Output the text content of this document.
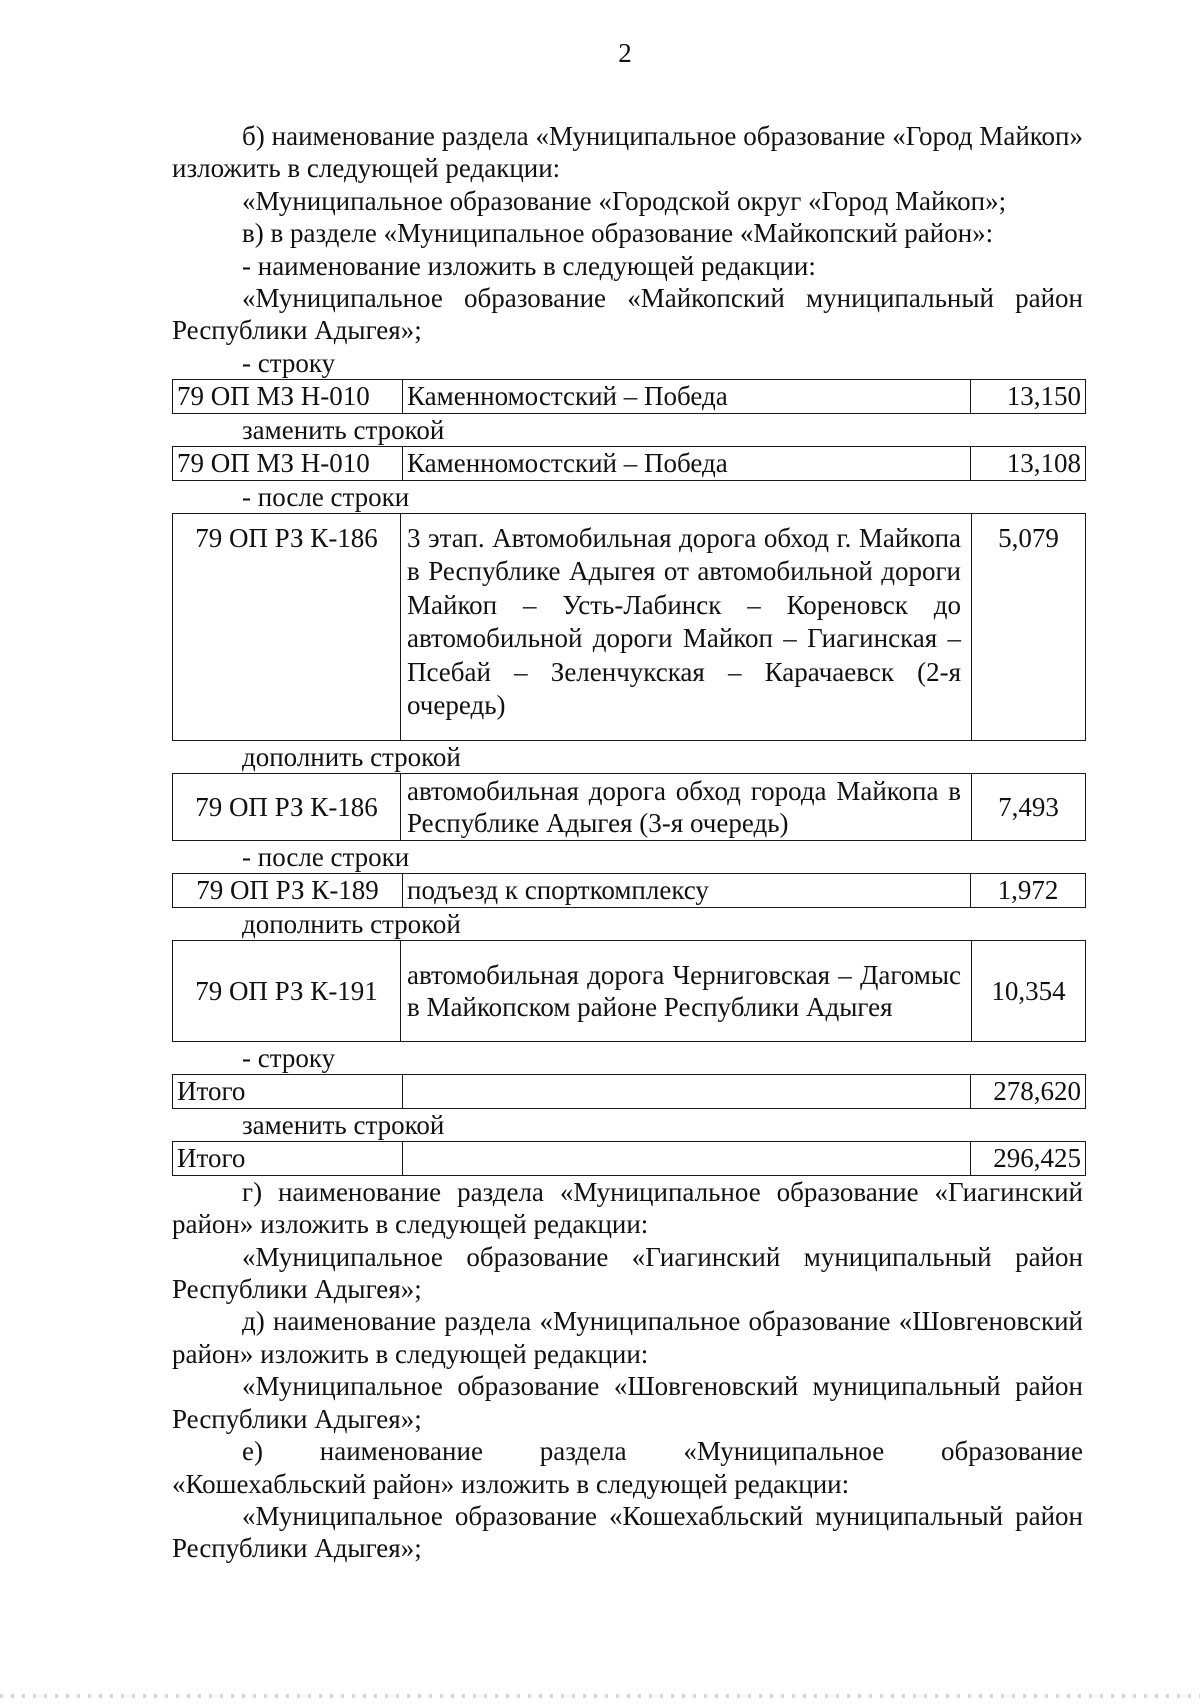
2

б) наименование раздела «Муниципальное образование «Город Майкоп» изложить в следующей редакции:

«Муниципальное образование «Городской округ «Город Майкоп»;

в) в разделе «Муниципальное образование «Майкопский район»:

- наименование изложить в следующей редакции:

«Муниципальное образование «Майкопский муниципальный район Республики Адыгея»;

- строку
79 ОП МЗ Н-010	Каменномостский – Победа	13,150
заменить строкой
79 ОП МЗ Н-010	Каменномостский – Победа	13,108
- после строки
79 ОП РЗ К-186	3 этап. Автомобильная дорога обход г. Майкопа в Республике Адыгея от автомобильной дороги Майкоп – Усть-Лабинск – Кореновск до автомобильной дороги Майкоп – Гиагинская – Псебай – Зеленчукская – Карачаевск (2-я очередь)	5,079
дополнить строкой
79 ОП РЗ К-186	автомобильная дорога обход города Майкопа в Республике Адыгея (3-я очередь)	7,493
- после строки
79 ОП РЗ К-189	подъезд к спорткомплексу	1,972
дополнить строкой
79 ОП РЗ К-191	автомобильная дорога Черниговская – Дагомыс в Майкопском районе Республики Адыгея	10,354
- строку
Итого		278,620
заменить строкой
Итого		296,425

г) наименование раздела «Муниципальное образование «Гиагинский район» изложить в следующей редакции:

«Муниципальное образование «Гиагинский муниципальный район Республики Адыгея»;

д) наименование раздела «Муниципальное образование «Шовгеновский район» изложить в следующей редакции:

«Муниципальное образование «Шовгеновский муниципальный район Республики Адыгея»;

е) наименование раздела «Муниципальное образование «Кошехабльский район» изложить в следующей редакции:

«Муниципальное образование «Кошехабльский муниципальный район Республики Адыгея»;
